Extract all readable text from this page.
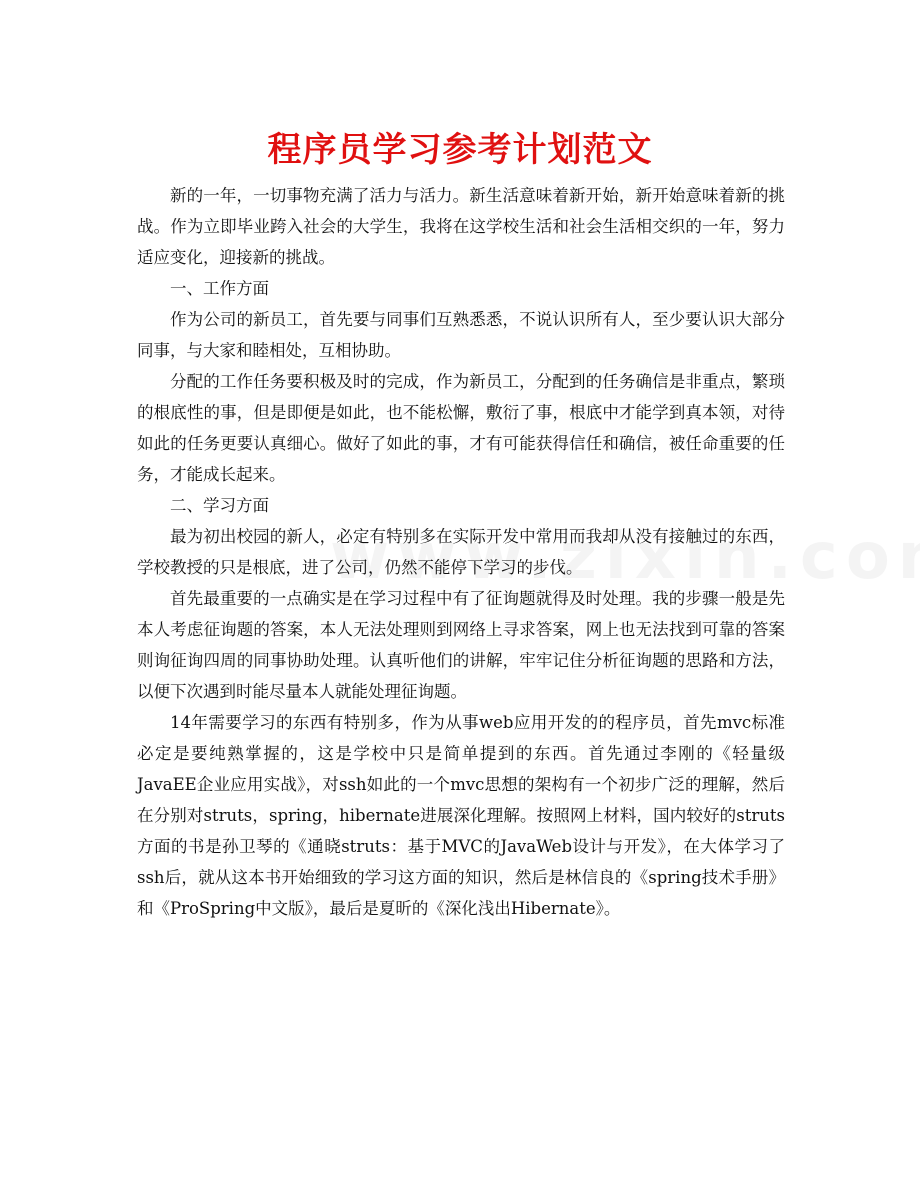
程序员学习参考计划范文

新的一年，一切事物充满了活力与活力。新生活意味着新开始，新开始意味着新的挑战。作为立即毕业跨入社会的大学生，我将在这学校生活和社会生活相交织的一年，努力适应变化，迎接新的挑战。

一、工作方面

作为公司的新员工，首先要与同事们互熟悉悉，不说认识所有人，至少要认识大部分同事，与大家和睦相处，互相协助。

分配的工作任务要积极及时的完成，作为新员工，分配到的任务确信是非重点，繁琐的根底性的事，但是即便是如此，也不能松懈，敷衍了事，根底中才能学到真本领，对待如此的任务更要认真细心。做好了如此的事，才有可能获得信任和确信，被任命重要的任务，才能成长起来。

二、学习方面

最为初出校园的新人，必定有特别多在实际开发中常用而我却从没有接触过的东西，学校教授的只是根底，进了公司，仍然不能停下学习的步伐。

首先最重要的一点确实是在学习过程中有了征询题就得及时处理。我的步骤一般是先本人考虑征询题的答案，本人无法处理则到网络上寻求答案，网上也无法找到可靠的答案则询征询四周的同事协助处理。认真听他们的讲解，牢牢记住分析征询题的思路和方法，以便下次遇到时能尽量本人就能处理征询题。

14年需要学习的东西有特别多，作为从事web应用开发的的程序员，首先mvc标准必定是要纯熟掌握的，这是学校中只是简单提到的东西。首先通过李刚的《轻量级JavaEE企业应用实战》，对ssh如此的一个mvc思想的架构有一个初步广泛的理解，然后在分别对struts，spring，hibernate进展深化理解。按照网上材料，国内较好的struts方面的书是孙卫琴的《通晓struts：基于MVC的JavaWeb设计与开发》，在大体学习了ssh后，就从这本书开始细致的学习这方面的知识，然后是林信良的《spring技术手册》和《ProSpring中文版》，最后是夏昕的《深化浅出Hibernate》。
